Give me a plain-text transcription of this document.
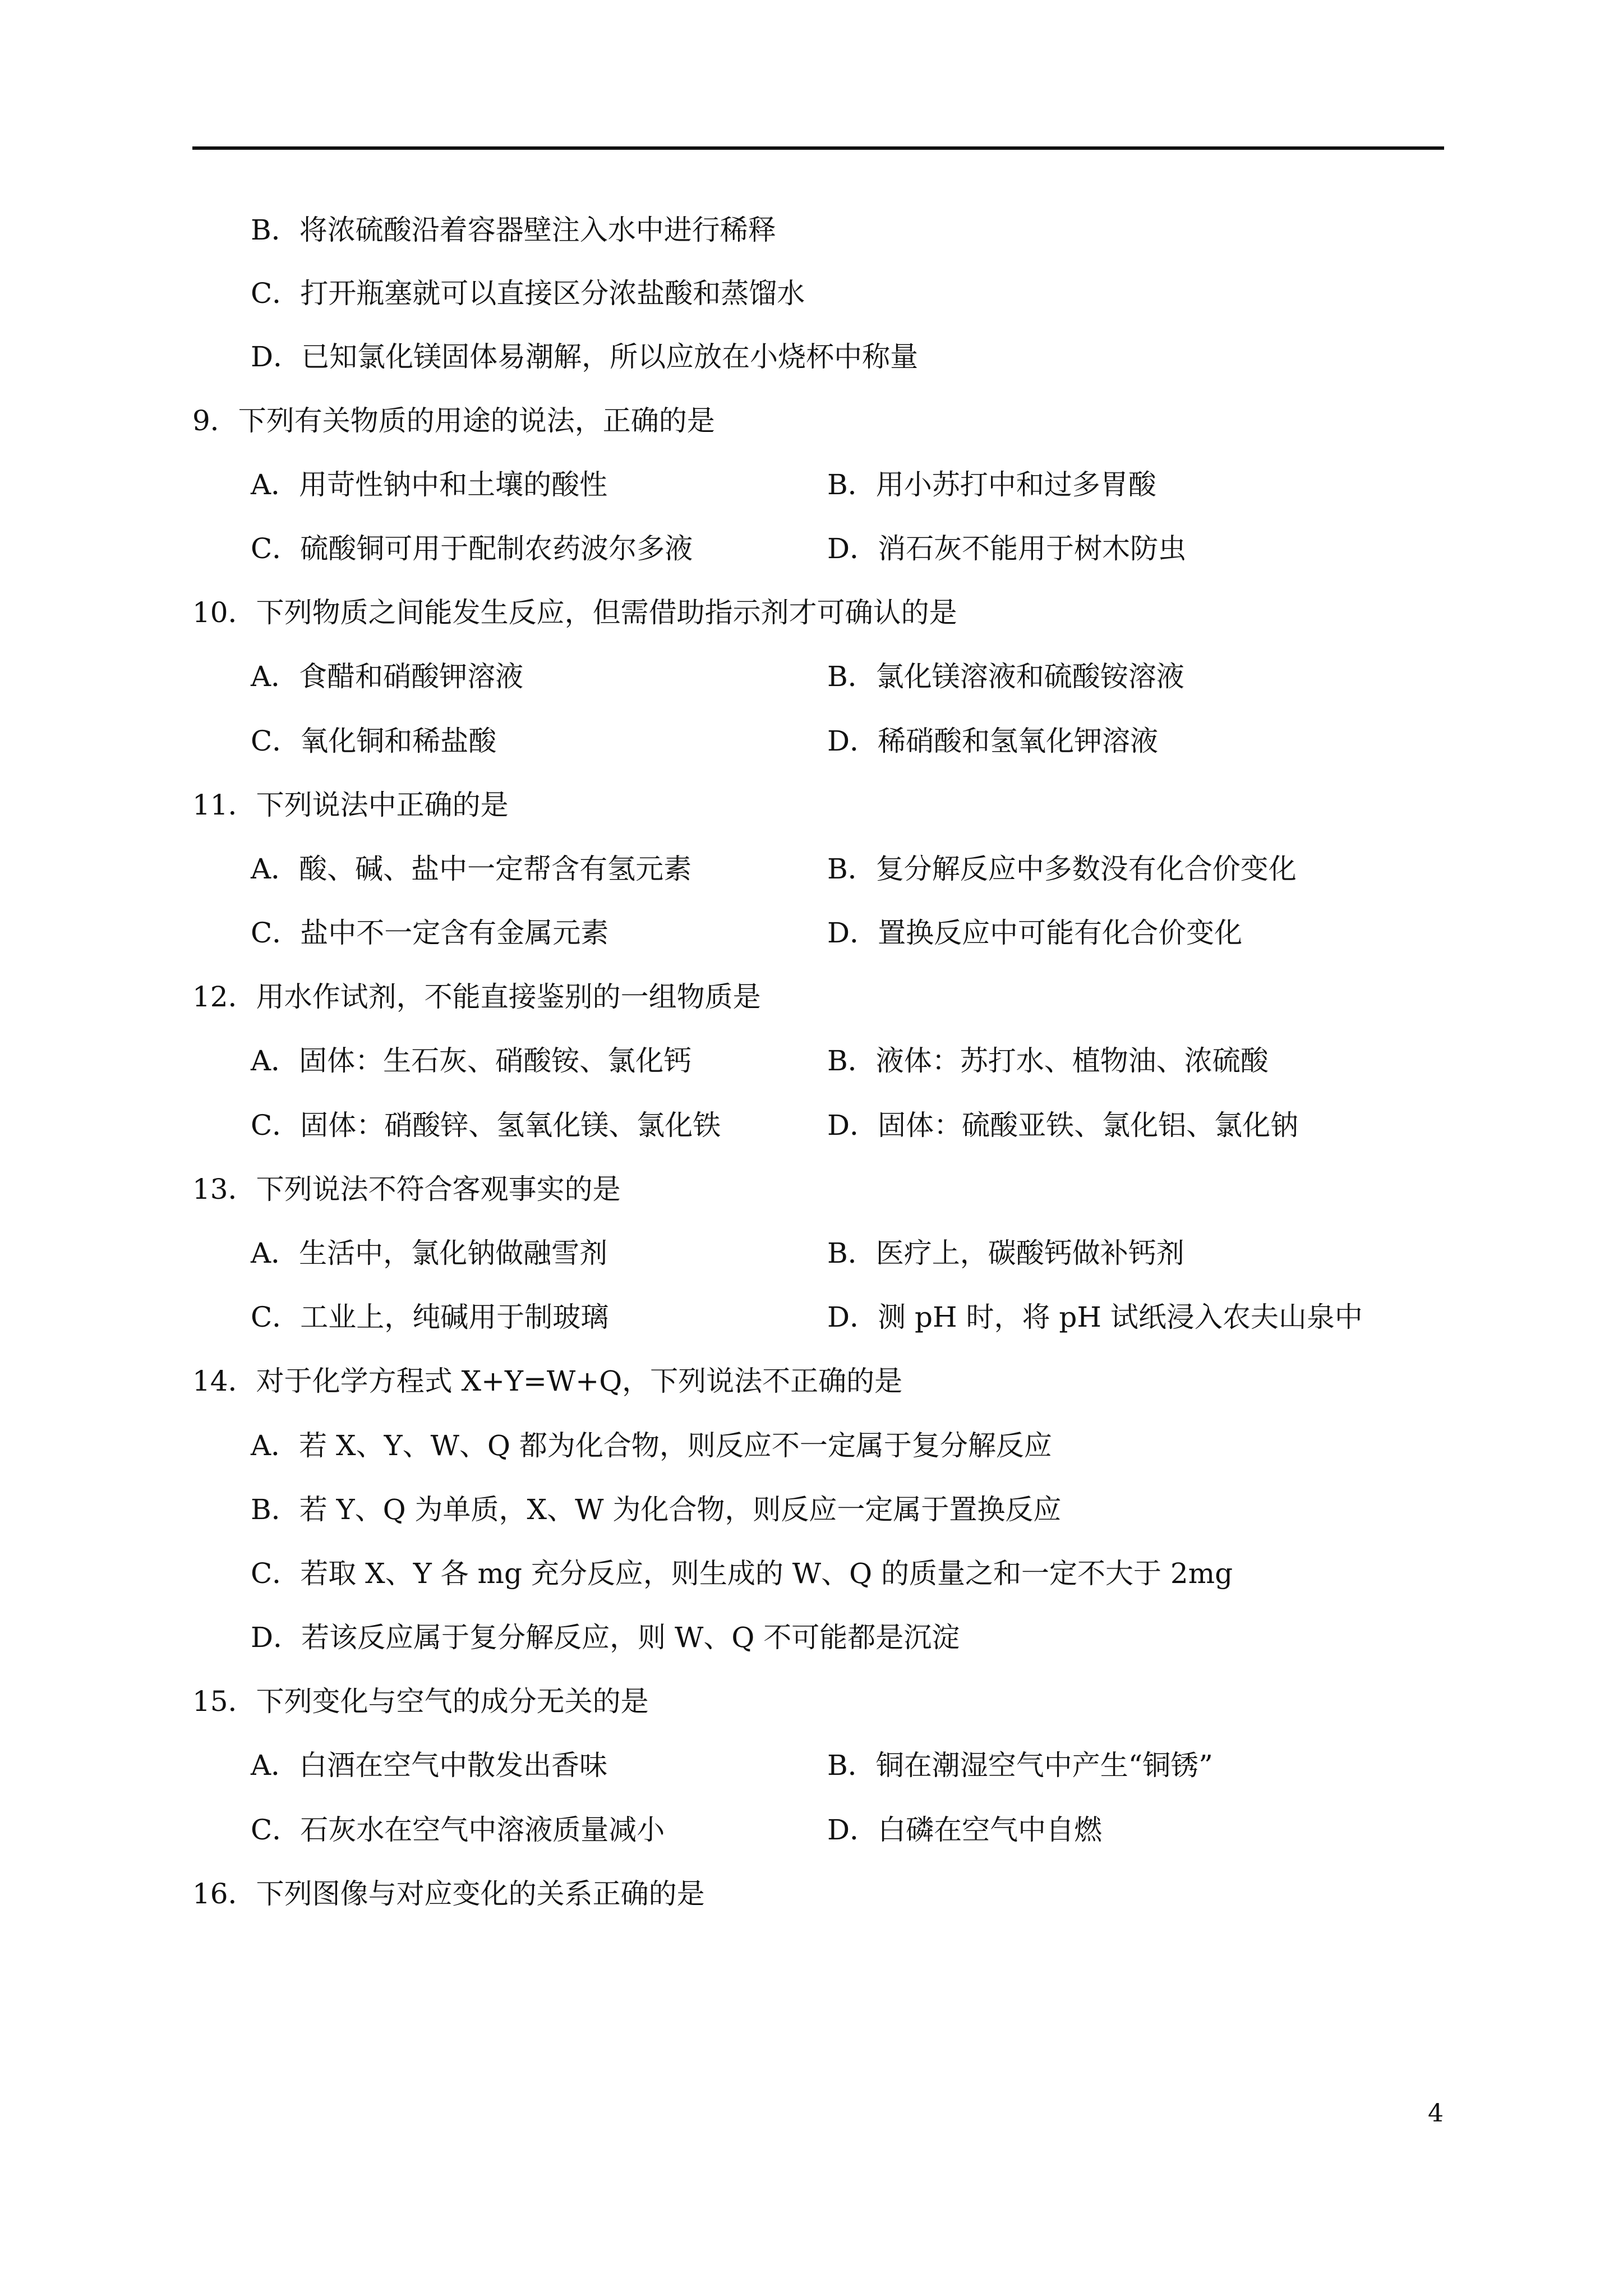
B．将浓硫酸沿着容器壁注入水中进行稀释
C．打开瓶塞就可以直接区分浓盐酸和蒸馏水
D．已知氯化镁固体易潮解，所以应放在小烧杯中称量
9．下列有关物质的用途的说法，正确的是
A．用苛性钠中和土壤的酸性	B．用小苏打中和过多胃酸
C．硫酸铜可用于配制农药波尔多液	D．消石灰不能用于树木防虫
10．下列物质之间能发生反应，但需借助指示剂才可确认的是
A．食醋和硝酸钾溶液	B．氯化镁溶液和硫酸铵溶液
C．氧化铜和稀盐酸	D．稀硝酸和氢氧化钾溶液
11．下列说法中正确的是
A．酸、碱、盐中一定帮含有氢元素	B．复分解反应中多数没有化合价变化
C．盐中不一定含有金属元素	D．置换反应中可能有化合价变化
12．用水作试剂，不能直接鉴别的一组物质是
A．固体：生石灰、硝酸铵、氯化钙	B．液体：苏打水、植物油、浓硫酸
C．固体：硝酸锌、氢氧化镁、氯化铁	D．固体：硫酸亚铁、氯化铝、氯化钠
13．下列说法不符合客观事实的是
A．生活中，氯化钠做融雪剂	B．医疗上，碳酸钙做补钙剂
C．工业上，纯碱用于制玻璃	D．测 pH 时，将 pH 试纸浸入农夫山泉中
14．对于化学方程式 X+Y=W+Q，下列说法不正确的是
A．若 X、Y、W、Q 都为化合物，则反应不一定属于复分解反应
B．若 Y、Q 为单质，X、W 为化合物，则反应一定属于置换反应
C．若取 X、Y 各 mg 充分反应，则生成的 W、Q 的质量之和一定不大于 2mg
D．若该反应属于复分解反应，则 W、Q 不可能都是沉淀
15．下列变化与空气的成分无关的是
A．白酒在空气中散发出香味	B．铜在潮湿空气中产生“铜锈”
C．石灰水在空气中溶液质量减小	D．白磷在空气中自燃
16．下列图像与对应变化的关系正确的是
4
